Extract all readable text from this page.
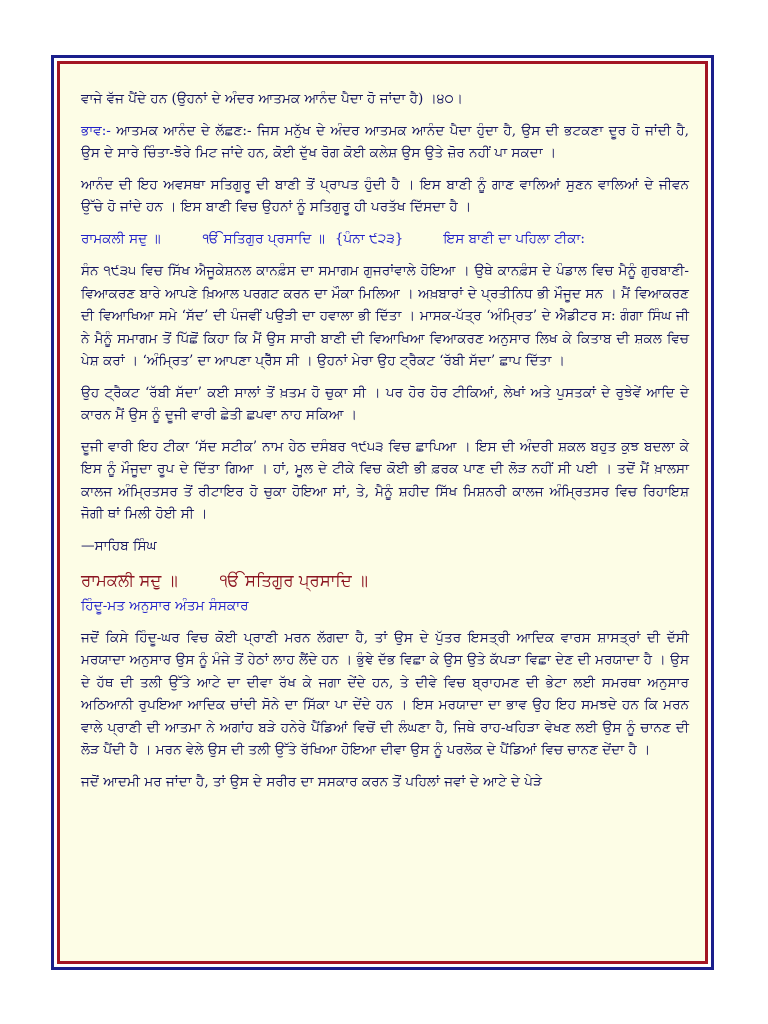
ਵਾਜੇ ਵੱਜ ਪੈਂਦੇ ਹਨ (ਉਹਨਾਂ ਦੇ ਅੰਦਰ ਆਤਮਕ ਆਨੰਦ ਪੈਦਾ ਹੋ ਜਾਂਦਾ ਹੈ) ।੪੦।

ਭਾਵ:- ਆਤਮਕ ਆਨੰਦ ਦੇ ਲੱਛਣ:- ਜਿਸ ਮਨੁੱਖ ਦੇ ਅੰਦਰ ਆਤਮਕ ਆਨੰਦ ਪੈਦਾ ਹੁੰਦਾ ਹੈ, ਉਸ ਦੀ ਭਟਕਣਾ ਦੂਰ ਹੋ ਜਾਂਦੀ ਹੈ, ਉਸ ਦੇ ਸਾਰੇ ਚਿੰਤਾ-ਝੋਰੇ ਮਿਟ ਜਾਂਦੇ ਹਨ, ਕੋਈ ਦੁੱਖ ਰੋਗ ਕੋਈ ਕਲੇਸ਼ ਉਸ ਉਤੇ ਜ਼ੋਰ ਨਹੀਂ ਪਾ ਸਕਦਾ ।

ਆਨੰਦ ਦੀ ਇਹ ਅਵਸਥਾ ਸਤਿਗੁਰੂ ਦੀ ਬਾਣੀ ਤੋਂ ਪ੍ਰਾਪਤ ਹੁੰਦੀ ਹੈ । ਇਸ ਬਾਣੀ ਨੂੰ ਗਾਣ ਵਾਲਿਆਂ ਸੁਣਨ ਵਾਲਿਆਂ ਦੇ ਜੀਵਨ ਉੱਚੇ ਹੋ ਜਾਂਦੇ ਹਨ । ਇਸ ਬਾਣੀ ਵਿਚ ਉਹਨਾਂ ਨੂੰ ਸਤਿਗੁਰੂ ਹੀ ਪਰਤੱਖ ਦਿੱਸਦਾ ਹੈ ।

ਰਾਮਕਲੀ ਸਦੁ ॥	ੴ ਸਤਿਗੁਰ ਪ੍ਰਸਾਦਿ ॥ {ਪੰਨਾ ੯੨੩}	ਇਸ ਬਾਣੀ ਦਾ ਪਹਿਲਾ ਟੀਕਾ:

ਸੰਨ ੧੯੩੫ ਵਿਚ ਸਿੱਖ ਐਜੂਕੇਸ਼ਨਲ ਕਾਨਫ਼ੰਸ ਦਾ ਸਮਾਗਮ ਗੁਜਰਾਂਵਾਲੇ ਹੋਇਆ । ਉਥੇ ਕਾਨਫ਼ੰਸ ਦੇ ਪੰਡਾਲ ਵਿਚ ਮੈਨੂੰ ਗੁਰਬਾਣੀ-ਵਿਆਕਰਣ ਬਾਰੇ ਆਪਣੇ ਖ਼ਿਆਲ ਪਰਗਟ ਕਰਨ ਦਾ ਮੌਕਾ ਮਿਲਿਆ । ਅਖ਼ਬਾਰਾਂ ਦੇ ਪ੍ਰਤੀਨਿਧ ਭੀ ਮੌਜੂਦ ਸਨ । ਮੈਂ ਵਿਆਕਰਣ ਦੀ ਵਿਆਖਿਆ ਸਮੇ ‘ਸੱਦ’ ਦੀ ਪੰਜਵੀਂ ਪਉੜੀ ਦਾ ਹਵਾਲਾ ਭੀ ਦਿੱਤਾ । ਮਾਸਕ-ਪੱਤ੍ਰ ‘ਅੰਮ੍ਰਿਤ’ ਦੇ ਐਡੀਟਰ ਸ: ਗੰਗਾ ਸਿੰਘ ਜੀ ਨੇ ਮੈਨੂੰ ਸਮਾਗਮ ਤੋਂ ਪਿੱਛੋਂ ਕਿਹਾ ਕਿ ਮੈਂ ਉਸ ਸਾਰੀ ਬਾਣੀ ਦੀ ਵਿਆਖਿਆ ਵਿਆਕਰਣ ਅਨੁਸਾਰ ਲਿਖ ਕੇ ਕਿਤਾਬ ਦੀ ਸ਼ਕਲ ਵਿਚ ਪੇਸ਼ ਕਰਾਂ । ‘ਅੰਮ੍ਰਿਤ’ ਦਾ ਆਪਣਾ ਪ੍ਰੈੱਸ ਸੀ । ਉਹਨਾਂ ਮੇਰਾ ਉਹ ਟ੍ਰੈਕਟ ‘ਰੱਬੀ ਸੱਦਾ’ ਛਾਪ ਦਿੱਤਾ ।

ਉਹ ਟ੍ਰੈਕਟ ‘ਰੱਬੀ ਸੱਦਾ’ ਕਈ ਸਾਲਾਂ ਤੋਂ ਖ਼ਤਮ ਹੋ ਚੁਕਾ ਸੀ । ਪਰ ਹੋਰ ਹੋਰ ਟੀਕਿਆਂ, ਲੇਖਾਂ ਅਤੇ ਪੁਸਤਕਾਂ ਦੇ ਰੁਝੇਵੇਂ ਆਦਿ ਦੇ ਕਾਰਨ ਮੈਂ ਉਸ ਨੂੰ ਦੂਜੀ ਵਾਰੀ ਛੇਤੀ ਛਪਵਾ ਨਾਹ ਸਕਿਆ ।

ਦੂਜੀ ਵਾਰੀ ਇਹ ਟੀਕਾ ‘ਸੱਦ ਸਟੀਕ’ ਨਾਮ ਹੇਠ ਦਸੰਬਰ ੧੯੫੩ ਵਿਚ ਛਾਪਿਆ । ਇਸ ਦੀ ਅੰਦਰੀ ਸ਼ਕਲ ਬਹੁਤ ਕੁਝ ਬਦਲਾ ਕੇ ਇਸ ਨੂੰ ਮੌਜੂਦਾ ਰੂਪ ਦੇ ਦਿੱਤਾ ਗਿਆ । ਹਾਂ, ਮੂਲ ਦੇ ਟੀਕੇ ਵਿਚ ਕੋਈ ਭੀ ਫ਼ਰਕ ਪਾਣ ਦੀ ਲੋੜ ਨਹੀਂ ਸੀ ਪਈ । ਤਦੋਂ ਮੈਂ ਖ਼ਾਲਸਾ ਕਾਲਜ ਅੰਮ੍ਰਿਤਸਰ ਤੋਂ ਰੀਟਾਇਰ ਹੋ ਚੁਕਾ ਹੋਇਆ ਸਾਂ, ਤੇ, ਮੈਨੂੰ ਸ਼ਹੀਦ ਸਿੱਖ ਮਿਸ਼ਨਰੀ ਕਾਲਜ ਅੰਮ੍ਰਿਤਸਰ ਵਿਚ ਰਿਹਾਇਸ਼ ਜੋਗੀ ਥਾਂ ਮਿਲੀ ਹੋਈ ਸੀ ।

—ਸਾਹਿਬ ਸਿੰਘ

ਰਾਮਕਲੀ ਸਦੁ ॥	ੴ ਸਤਿਗੁਰ ਪ੍ਰਸਾਦਿ ॥

ਹਿੰਦੂ-ਮਤ ਅਨੁਸਾਰ ਅੰਤਮ ਸੰਸਕਾਰ

ਜਦੋਂ ਕਿਸੇ ਹਿੰਦੂ-ਘਰ ਵਿਚ ਕੋਈ ਪ੍ਰਾਣੀ ਮਰਨ ਲੱਗਦਾ ਹੈ, ਤਾਂ ਉਸ ਦੇ ਪੁੱਤਰ ਇਸਤ੍ਰੀ ਆਦਿਕ ਵਾਰਸ ਸ਼ਾਸਤ੍ਰਾਂ ਦੀ ਦੱਸੀ ਮਰਯਾਦਾ ਅਨੁਸਾਰ ਉਸ ਨੂੰ ਮੰਜੇ ਤੋਂ ਹੇਠਾਂ ਲਾਹ ਲੈਂਦੇ ਹਨ । ਭੁੰਞੇ ਦੱਭ ਵਿਛਾ ਕੇ ਉਸ ਉਤੇ ਕੱਪੜਾ ਵਿਛਾ ਦੇਣ ਦੀ ਮਰਯਾਦਾ ਹੈ । ਉਸ ਦੇ ਹੱਥ ਦੀ ਤਲੀ ਉੱਤੇ ਆਟੇ ਦਾ ਦੀਵਾ ਰੱਖ ਕੇ ਜਗਾ ਦੇਂਦੇ ਹਨ, ਤੇ ਦੀਵੇ ਵਿਚ ਬ੍ਰਾਹਮਣ ਦੀ ਭੇਟਾ ਲਈ ਸਮਰਥਾ ਅਨੁਸਾਰ ਅਠਿਆਨੀ ਰੁਪਇਆ ਆਦਿਕ ਚਾਂਦੀ ਸੋਨੇ ਦਾ ਸਿੱਕਾ ਪਾ ਦੇਂਦੇ ਹਨ । ਇਸ ਮਰਯਾਦਾ ਦਾ ਭਾਵ ਉਹ ਇਹ ਸਮਝਦੇ ਹਨ ਕਿ ਮਰਨ ਵਾਲੇ ਪ੍ਰਾਣੀ ਦੀ ਆਤਮਾ ਨੇ ਅਗਾਂਹ ਬੜੇ ਹਨੇਰੇ ਪੈਂਡਿਆਂ ਵਿਚੋਂ ਦੀ ਲੰਘਣਾ ਹੈ, ਜਿਥੇ ਰਾਹ-ਖਹਿੜਾ ਵੇਖਣ ਲਈ ਉਸ ਨੂੰ ਚਾਨਣ ਦੀ ਲੋੜ ਪੈਂਦੀ ਹੈ । ਮਰਨ ਵੇਲੇ ਉਸ ਦੀ ਤਲੀ ਉੱਤੇ ਰੱਖਿਆ ਹੋਇਆ ਦੀਵਾ ਉਸ ਨੂੰ ਪਰਲੋਕ ਦੇ ਪੈਂਡਿਆਂ ਵਿਚ ਚਾਨਣ ਦੇਂਦਾ ਹੈ ।

ਜਦੋਂ ਆਦਮੀ ਮਰ ਜਾਂਦਾ ਹੈ, ਤਾਂ ਉਸ ਦੇ ਸਰੀਰ ਦਾ ਸਸਕਾਰ ਕਰਨ ਤੋਂ ਪਹਿਲਾਂ ਜਵਾਂ ਦੇ ਆਟੇ ਦੇ ਪੇੜੇ
